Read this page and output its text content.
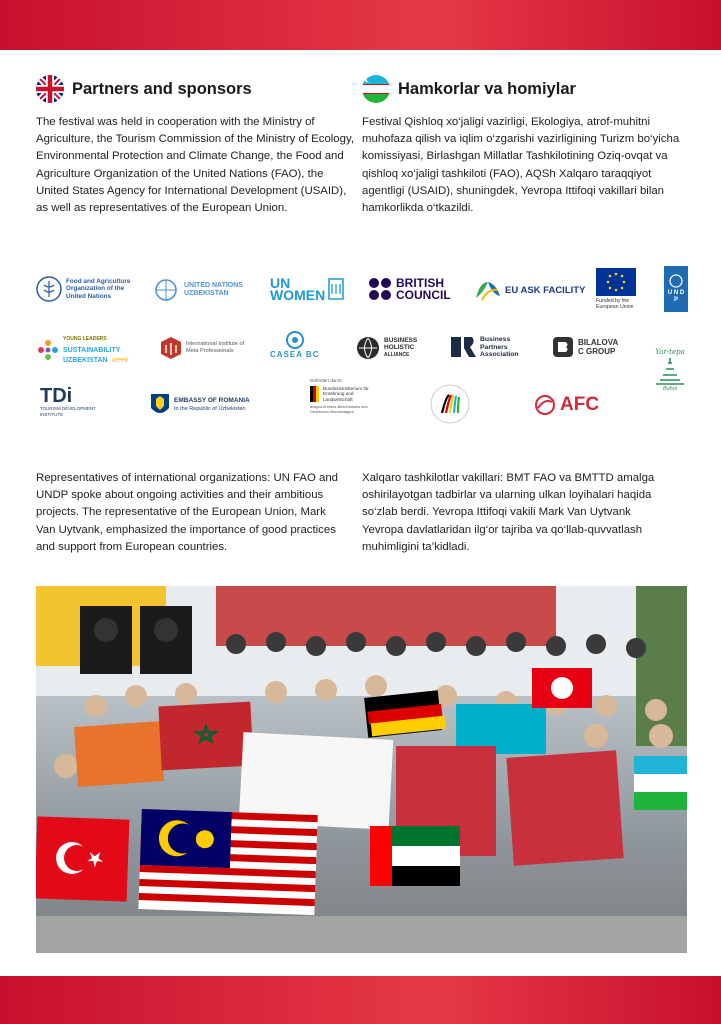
Partners and sponsors

The festival was held in cooperation with the Ministry of Agriculture, the Tourism Commission of the Ministry of Ecology, Environmental Protection and Climate Change, the Food and Agriculture Organization of the United Nations (FAO), the United States Agency for International Development (USAID), as well as representatives of the European Union.

Hamkorlar va homiylar

Festival Qishloq xo‘jaligi vazirligi, Ekologiya, atrof-muhitni muhofaza qilish va iqlim o‘zgarishi vazirligining Turizm bo‘yicha komissiyasi, Birlashgan Millatlar Tashkilotining Oziq-ovqat va qishloq xo‘jaligi tashkiloti (FAO), AQSh Xalqaro taraqqiyot agentligi (USAID), shuningdek, Yevropa Ittifoqi vakillari bilan hamkorlikda o‘tkazildi.

Food and Agriculture Organization of the United Nations
UNITED NATIONS
UZBEKISTAN
UN
WOMEN
BRITISH
COUNCIL	EU ASK FACILITY
Funded by the European Union
U N D P
YOUNG LEADERS
SUSTAINABILITY
UZBEKISTAN week
International Institute of Meta Professionals	CASEA BC
BUSINESS
HOLISTIC
ALLIANCE
Business
Partners
Association
BILALOVA
C GROUP	Yar-tepa
Buhoi
TDi
TOURISM DEVELOPMENT INSTITUTE
EMBASSY OF ROMANIA
to the Republic of Uzbekistan
Gefördert durch:
Bundesministerium für Ernährung und Landwirtschaft
aufgrund eines Beschlusses des Deutschen Bundestages	AFC

Representatives of international organizations: UN FAO and UNDP spoke about ongoing activities and their ambitious projects. The representative of the European Union, Mark Van Uytvank, emphasized the importance of good practices and support from European countries.

Xalqaro tashkilotlar vakillari: BMT FAO va BMTTD amalga oshirilayotgan tadbirlar va ularning ulkan loyihalari haqida so‘zlab berdi. Yevropa Ittifoqi vakili Mark Van Uytvank Yevropa davlatlaridan ilg‘or tajriba va qo‘llab-quvvatlash muhimligini ta’kidladi.
